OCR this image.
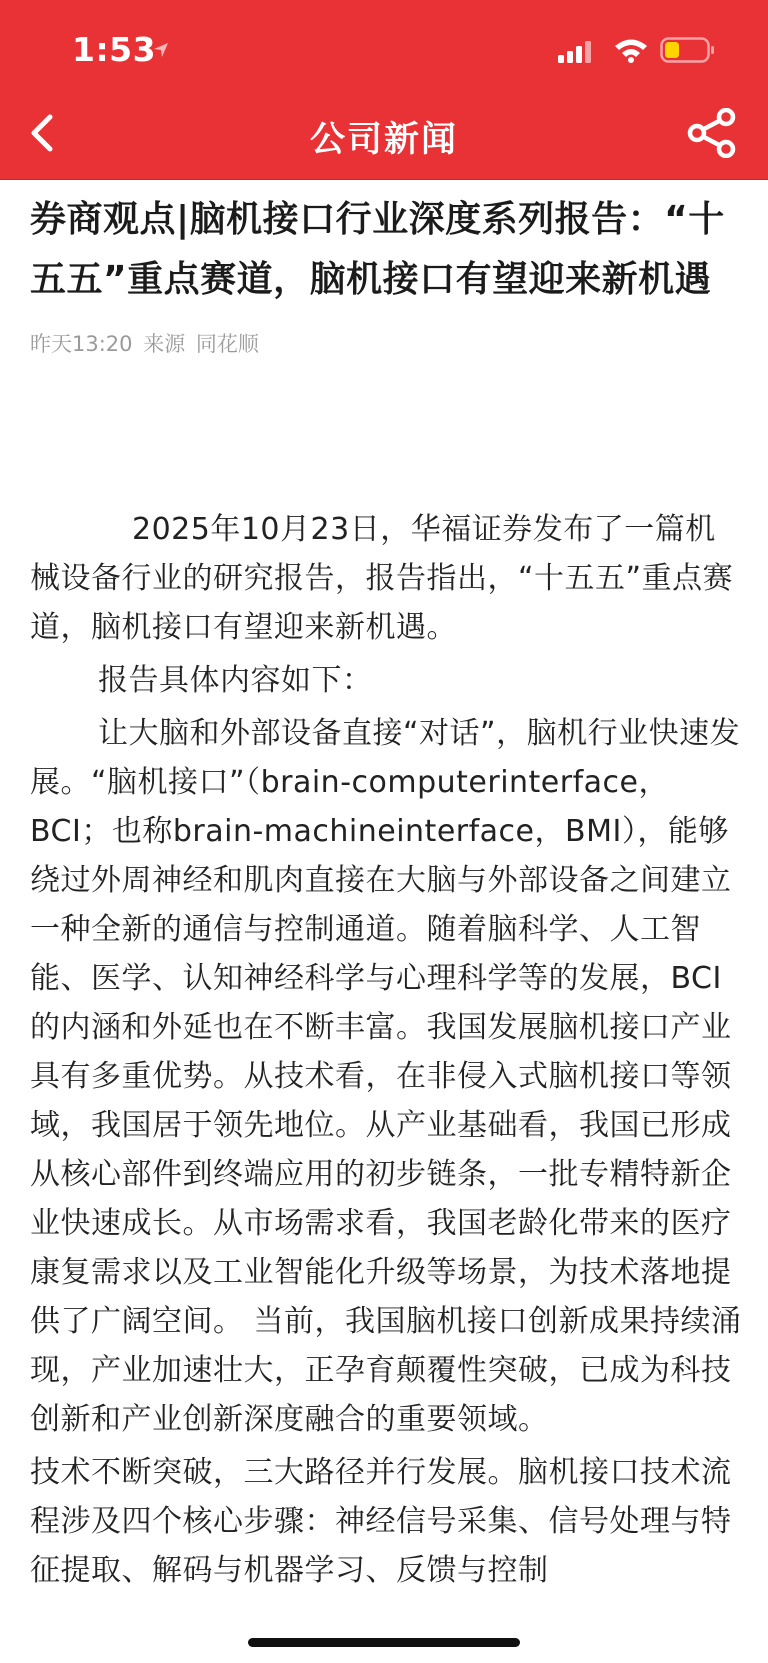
1:53
公司新闻
券商观点|脑机接口行业深度系列报告：“十五五”重点赛道，脑机接口有望迎来新机遇
昨天13:20 来源 同花顺

2025年10月23日，华福证券发布了一篇机械设备行业的研究报告，报告指出，“十五五”重点赛道，脑机接口有望迎来新机遇。

报告具体内容如下：

让大脑和外部设备直接“对话”，脑机行业快速发展。“脑机接口”（brain-computerinterface，BCI；也称brain-machineinterface，BMI），能够绕过外周神经和肌肉直接在大脑与外部设备之间建立一种全新的通信与控制通道。随着脑科学、人工智能、医学、认知神经科学与心理科学等的发展，BCI的内涵和外延也在不断丰富。我国发展脑机接口产业具有多重优势。从技术看，在非侵入式脑机接口等领域，我国居于领先地位。从产业基础看，我国已形成从核心部件到终端应用的初步链条，一批专精特新企业快速成长。从市场需求看，我国老龄化带来的医疗康复需求以及工业智能化升级等场景，为技术落地提供了广阔空间。 当前，我国脑机接口创新成果持续涌现，产业加速壮大，正孕育颠覆性突破，已成为科技创新和产业创新深度融合的重要领域。

技术不断突破，三大路径并行发展。脑机接口技术流程涉及四个核心步骤：神经信号采集、信号处理与特征提取、解码与机器学习、反馈与控制
